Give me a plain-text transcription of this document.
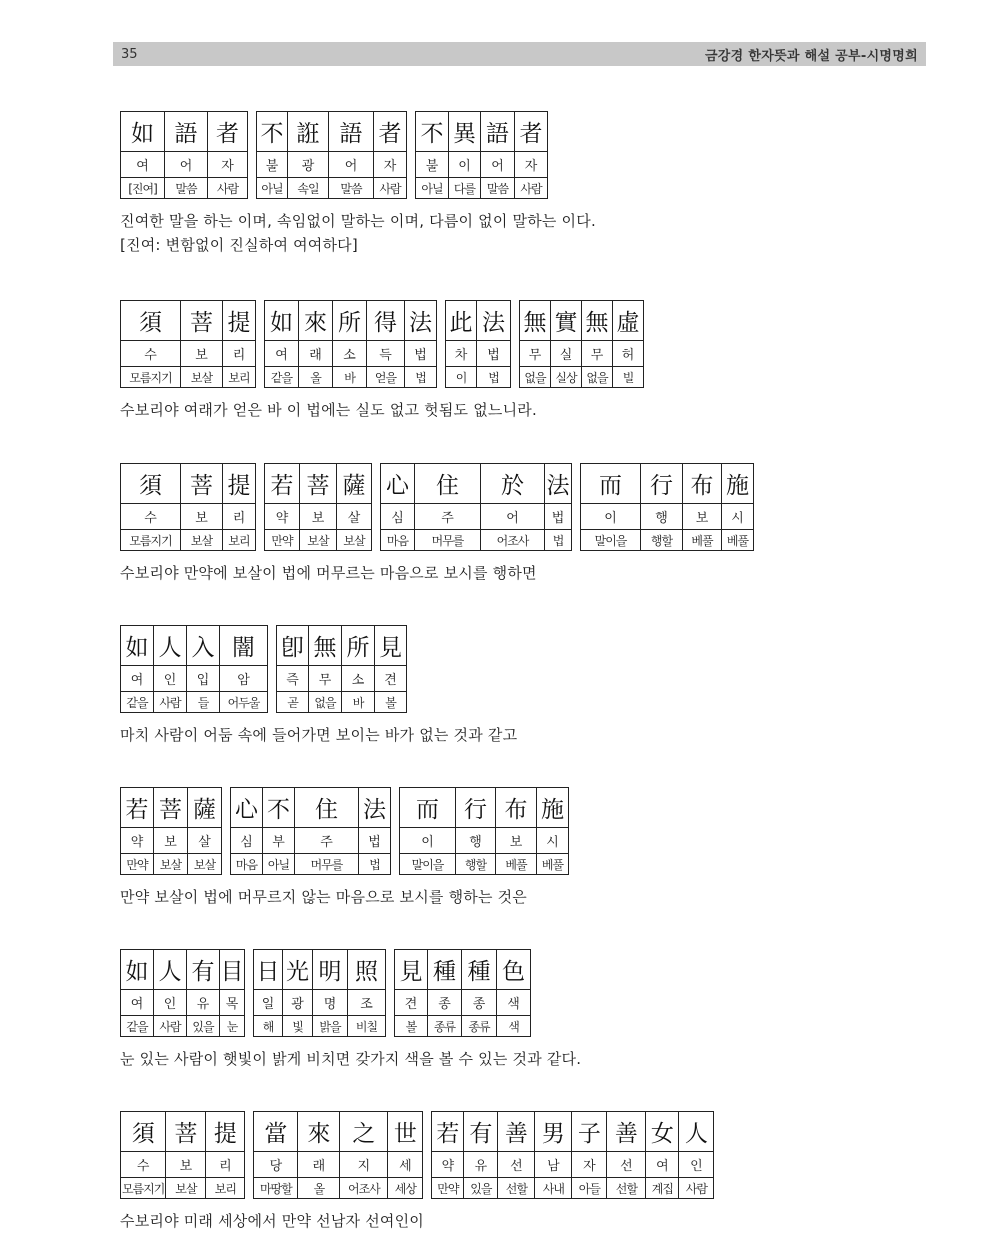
35	금강경 한자뜻과 해설 공부-시명명희
如	語	者
여	어	자
[진여]	말씀	사람
不	誑	語	者
불	광	어	자
아닐	속일	말씀	사람
不	異	語	者
불	이	어	자
아닐	다를	말씀	사람
진여한 말을 하는 이며, 속임없이 말하는 이며, 다름이 없이 말하는 이다.
[진여: 변함없이 진실하여 여여하다]
須	菩	提
수	보	리
모름지기	보살	보리
如	來	所	得	法
여	래	소	득	법
같을	올	바	얻을	법
此	法
차	법
이	법
無	實	無	虛
무	실	무	허
없을	실상	없을	빌
수보리야 여래가 얻은 바 이 법에는 실도 없고 헛됨도 없느니라.
須	菩	提
수	보	리
모름지기	보살	보리
若	菩	薩
약	보	살
만약	보살	보살
心	住	於	法
심	주	어	법
마음	머무를	어조사	법
而	行	布	施
이	행	보	시
말이을	행할	베풀	베풀
수보리야 만약에 보살이 법에 머무르는 마음으로 보시를 행하면
如	人	入	闇
여	인	입	암
같을	사람	들	어두울
卽	無	所	見
즉	무	소	견
곧	없을	바	볼
마치 사람이 어둠 속에 들어가면 보이는 바가 없는 것과 같고
若	菩	薩
약	보	살
만약	보살	보살
心	不	住	法
심	부	주	법
마음	아닐	머무를	법
而	行	布	施
이	행	보	시
말이을	행할	베풀	베풀
만약 보살이 법에 머무르지 않는 마음으로 보시를 행하는 것은
如	人	有	目
여	인	유	목
같을	사람	있을	눈
日	光	明	照
일	광	명	조
해	빛	밝을	비칠
見	種	種	色
견	종	종	색
볼	종류	종류	색
눈 있는 사람이 햇빛이 밝게 비치면 갖가지 색을 볼 수 있는 것과 같다.
須	菩	提
수	보	리
모름지기	보살	보리
當	來	之	世
당	래	지	세
마땅할	올	어조사	세상
若	有	善	男	子	善	女	人
약	유	선	남	자	선	여	인
만약	있을	선할	사내	아들	선할	계집	사람
수보리야 미래 세상에서 만약 선남자 선여인이
